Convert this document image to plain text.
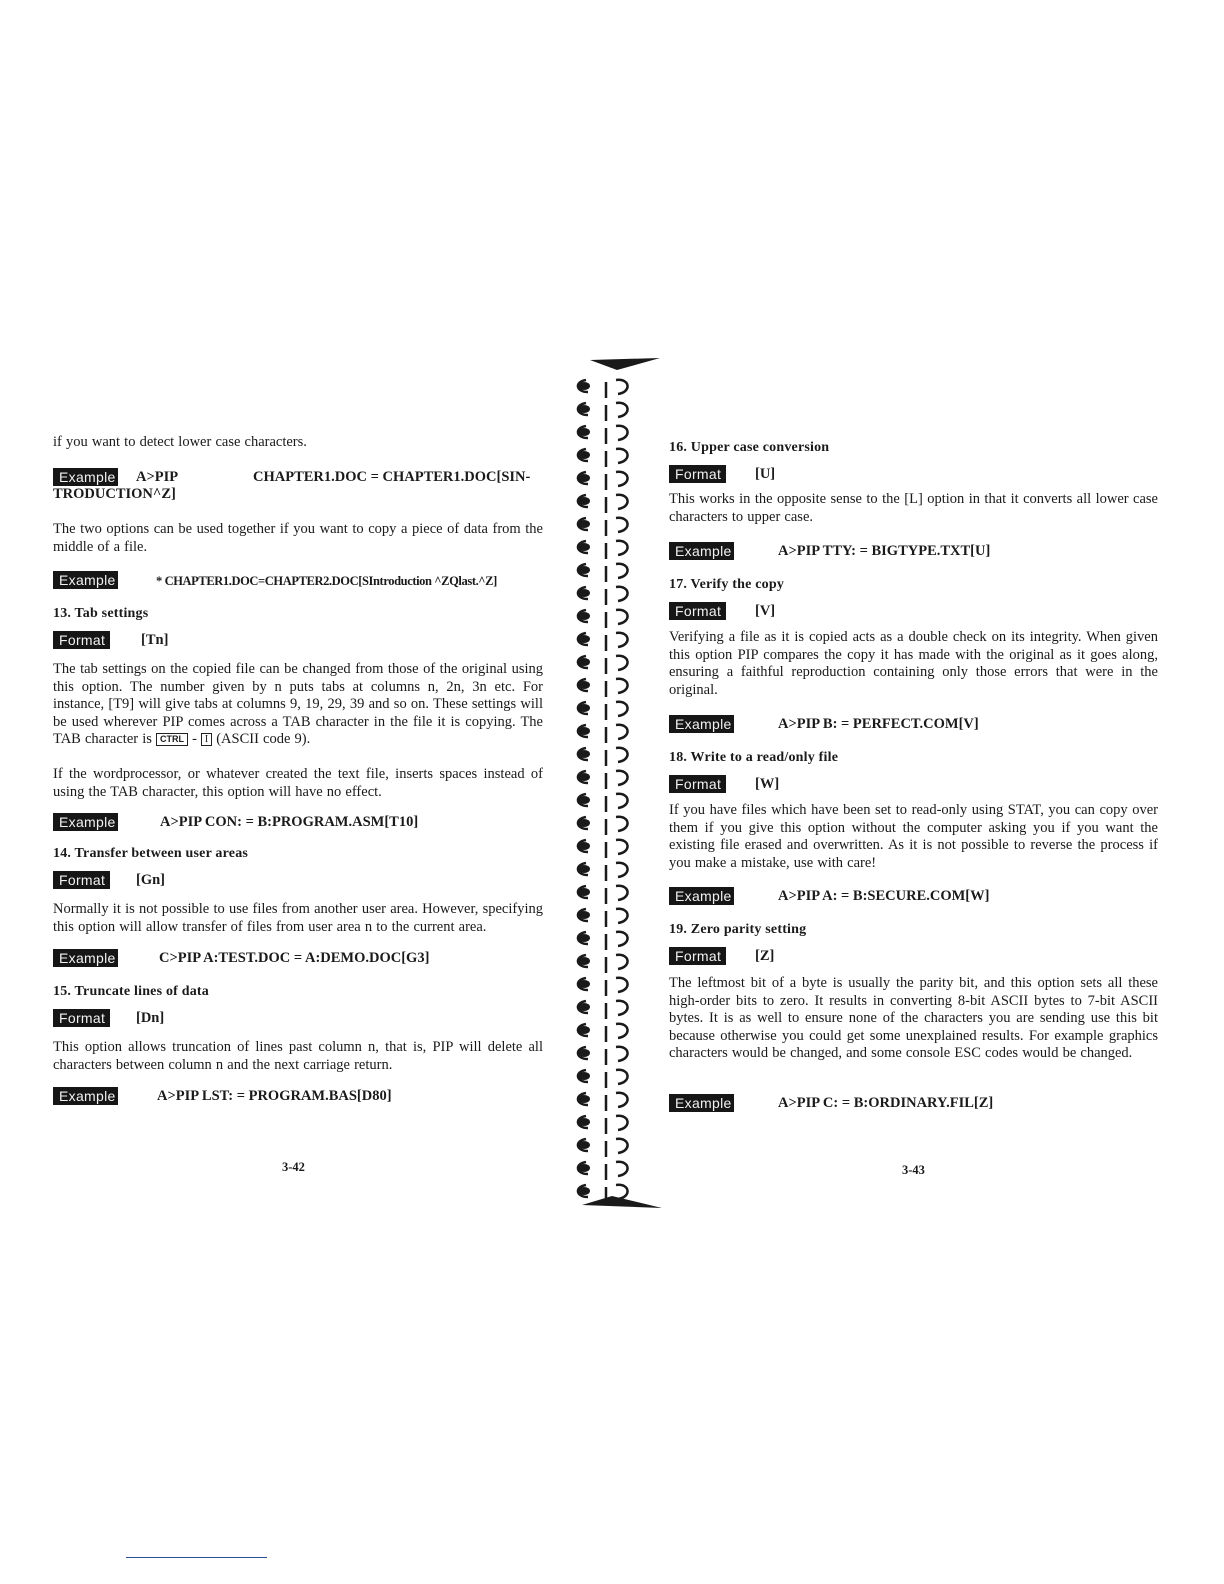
if you want to detect lower case characters.

Example A>PIP	CHAPTER1.DOC = CHAPTER1.DOC[SIN-
TRODUCTION^Z]

The two options can be used together if you want to copy a piece of data from the middle of a file.

Example	* CHAPTER1.DOC=CHAPTER2.DOC[SIntroduction ^ZQlast.^Z]
13. Tab settings
Format	[Tn]

The tab settings on the copied file can be changed from those of the original using this option. The number given by n puts tabs at columns n, 2n, 3n etc. For instance, [T9] will give tabs at columns 9, 19, 29, 39 and so on. These settings will be used wherever PIP comes across a TAB character in the file it is copying. The TAB character is CTRL - I (ASCII code 9).

If the wordprocessor, or whatever created the text file, inserts spaces instead of using the TAB character, this option will have no effect.

Example	A>PIP CON: = B:PROGRAM.ASM[T10]
14. Transfer between user areas
Format	[Gn]

Normally it is not possible to use files from another user area. However, specifying this option will allow transfer of files from user area n to the current area.

Example	C>PIP A:TEST.DOC = A:DEMO.DOC[G3]
15. Truncate lines of data
Format	[Dn]

This option allows truncation of lines past column n, that is, PIP will delete all characters between column n and the next carriage return.

Example	A>PIP LST: = PROGRAM.BAS[D80]
3-42
16. Upper case conversion
Format	[U]

This works in the opposite sense to the [L] option in that it converts all lower case characters to upper case.

Example	A>PIP TTY: = BIGTYPE.TXT[U]
17. Verify the copy
Format	[V]

Verifying a file as it is copied acts as a double check on its integrity. When given this option PIP compares the copy it has made with the original as it goes along, ensuring a faithful reproduction containing only those errors that were in the original.

Example	A>PIP B: = PERFECT.COM[V]
18. Write to a read/only file
Format	[W]

If you have files which have been set to read-only using STAT, you can copy over them if you give this option without the computer asking you if you want the existing file erased and overwritten. As it is not possible to reverse the process if you make a mistake, use with care!

Example	A>PIP A: = B:SECURE.COM[W]
19. Zero parity setting
Format	[Z]

The leftmost bit of a byte is usually the parity bit, and this option sets all these high-order bits to zero. It results in converting 8-bit ASCII bytes to 7-bit ASCII bytes. It is as well to ensure none of the characters you are sending use this bit because otherwise you could get some unexplained results. For example graphics characters would be changed, and some console ESC codes would be changed.

Example	A>PIP C: = B:ORDINARY.FIL[Z]
3-43
